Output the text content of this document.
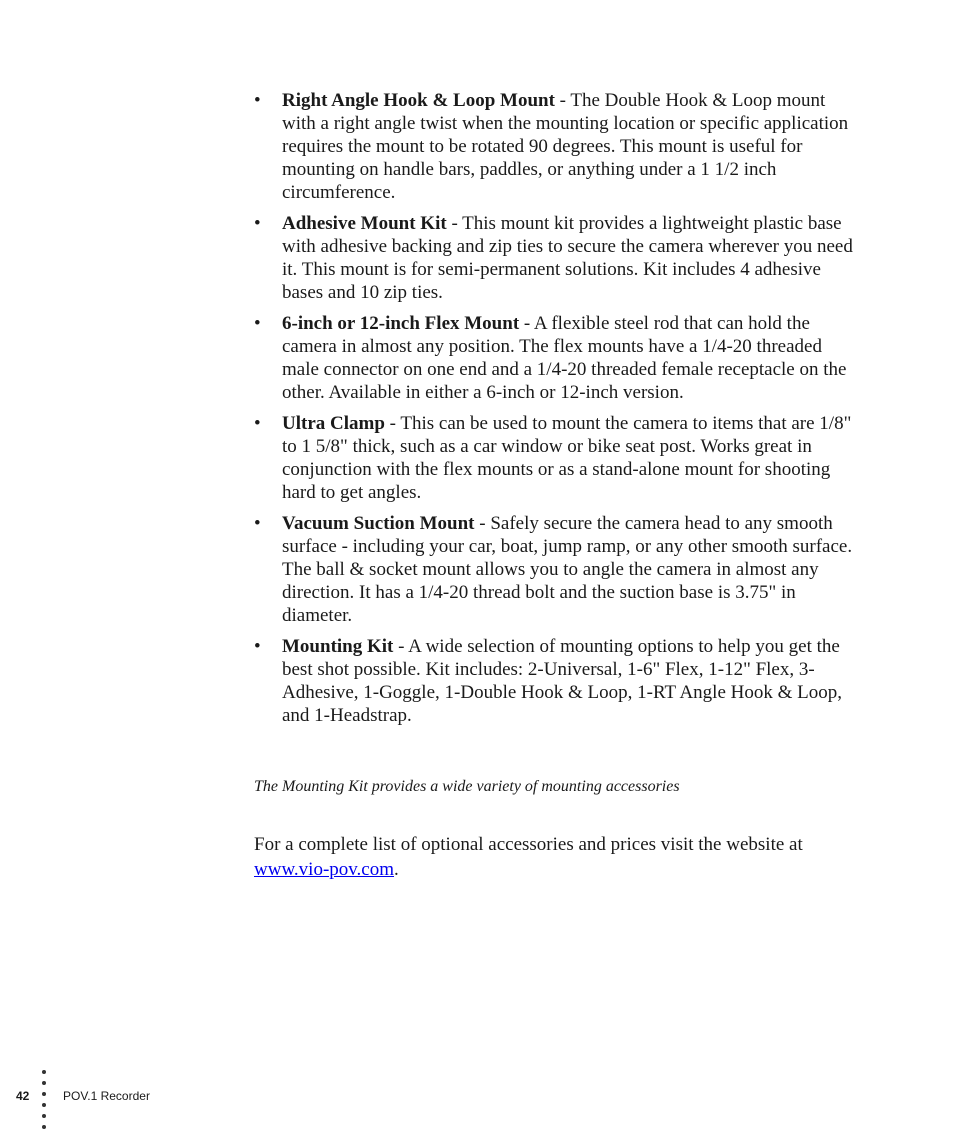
• Right Angle Hook & Loop Mount - The Double Hook & Loop mount with a right angle twist when the mounting location or specific application requires the mount to be rotated 90 degrees. This mount is useful for mounting on handle bars, paddles, or anything under a 1 1/2 inch circumference.
• Adhesive Mount Kit - This mount kit provides a lightweight plastic base with adhesive backing and zip ties to secure the camera wherever you need it. This mount is for semi-permanent solutions. Kit includes 4 adhesive bases and 10 zip ties.
• 6-inch or 12-inch Flex Mount - A flexible steel rod that can hold the camera in almost any position. The flex mounts have a 1/4-20 threaded male connector on one end and a 1/4-20 threaded female receptacle on the other. Available in either a 6-inch or 12-inch version.
• Ultra Clamp - This can be used to mount the camera to items that are 1/8" to 1 5/8" thick, such as a car window or bike seat post. Works great in conjunction with the flex mounts or as a stand-alone mount for shooting hard to get angles.
• Vacuum Suction Mount - Safely secure the camera head to any smooth surface - including your car, boat, jump ramp, or any other smooth surface. The ball & socket mount allows you to angle the camera in almost any direction. It has a 1/4-20 thread bolt and the suction base is 3.75" in diameter.
• Mounting Kit - A wide selection of mounting options to help you get the best shot possible. Kit includes: 2-Universal, 1-6" Flex, 1-12" Flex, 3-Adhesive, 1-Goggle, 1-Double Hook & Loop, 1-RT Angle Hook & Loop, and 1-Headstrap.
The Mounting Kit provides a wide variety of mounting accessories
For a complete list of optional accessories and prices visit the website at www.vio-pov.com.
42	POV.1 Recorder
